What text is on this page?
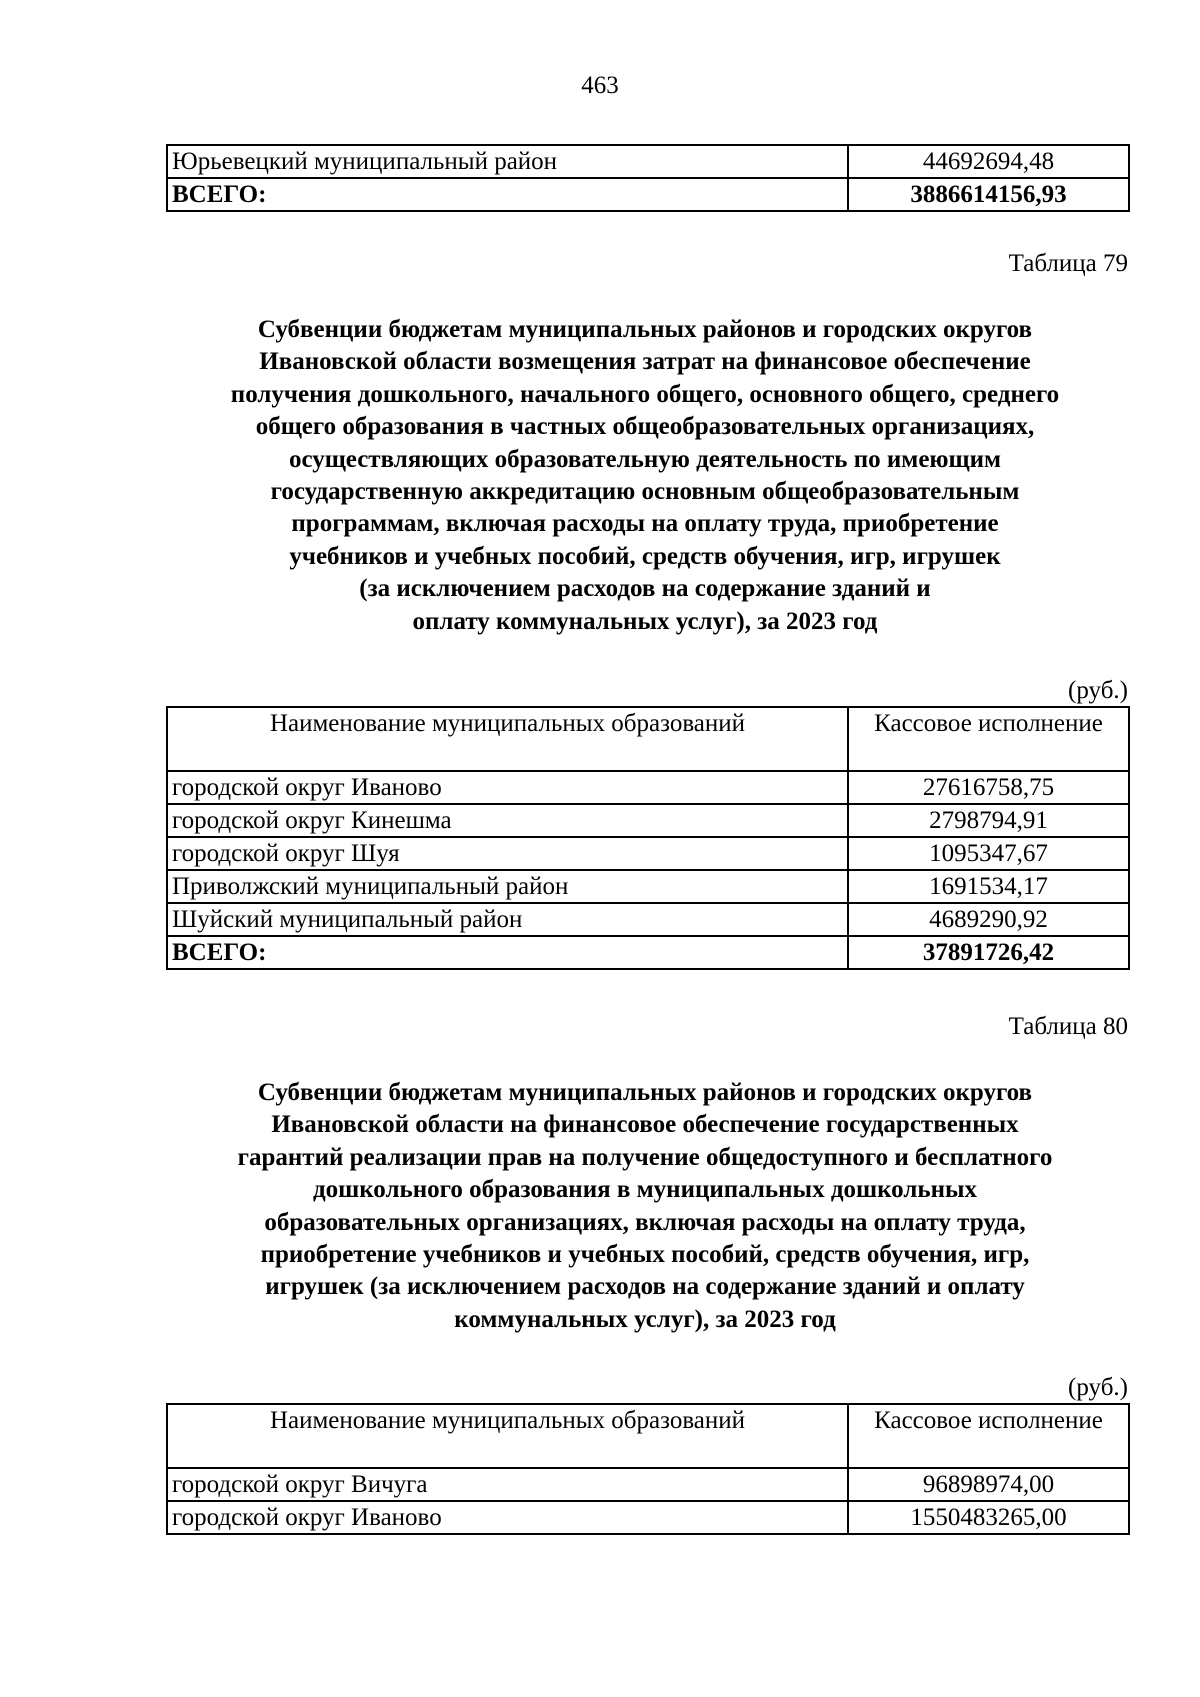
463
Юрьевецкий муниципальный район	44692694,48
ВСЕГО:	3886614156,93
Таблица 79
Субвенции бюджетам муниципальных районов и городских округов
Ивановской области возмещения затрат на финансовое обеспечение
получения дошкольного, начального общего, основного общего, среднего
общего образования в частных общеобразовательных организациях,
осуществляющих образовательную деятельность по имеющим
государственную аккредитацию основным общеобразовательным
программам, включая расходы на оплату труда, приобретение
учебников и учебных пособий, средств обучения, игр, игрушек
(за исключением расходов на содержание зданий и
оплату коммунальных услуг), за 2023 год
(руб.)
Наименование муниципальных образований	Кассовое исполнение
городской округ Иваново	27616758,75
городской округ Кинешма	2798794,91
городской округ Шуя	1095347,67
Приволжский муниципальный район	1691534,17
Шуйский муниципальный район	4689290,92
ВСЕГО:	37891726,42
Таблица 80
Субвенции бюджетам муниципальных районов и городских округов
Ивановской области на финансовое обеспечение государственных
гарантий реализации прав на получение общедоступного и бесплатного
дошкольного образования в муниципальных дошкольных
образовательных организациях, включая расходы на оплату труда,
приобретение учебников и учебных пособий, средств обучения, игр,
игрушек (за исключением расходов на содержание зданий и оплату
коммунальных услуг), за 2023 год
(руб.)
Наименование муниципальных образований	Кассовое исполнение
городской округ Вичуга	96898974,00
городской округ Иваново	1550483265,00
